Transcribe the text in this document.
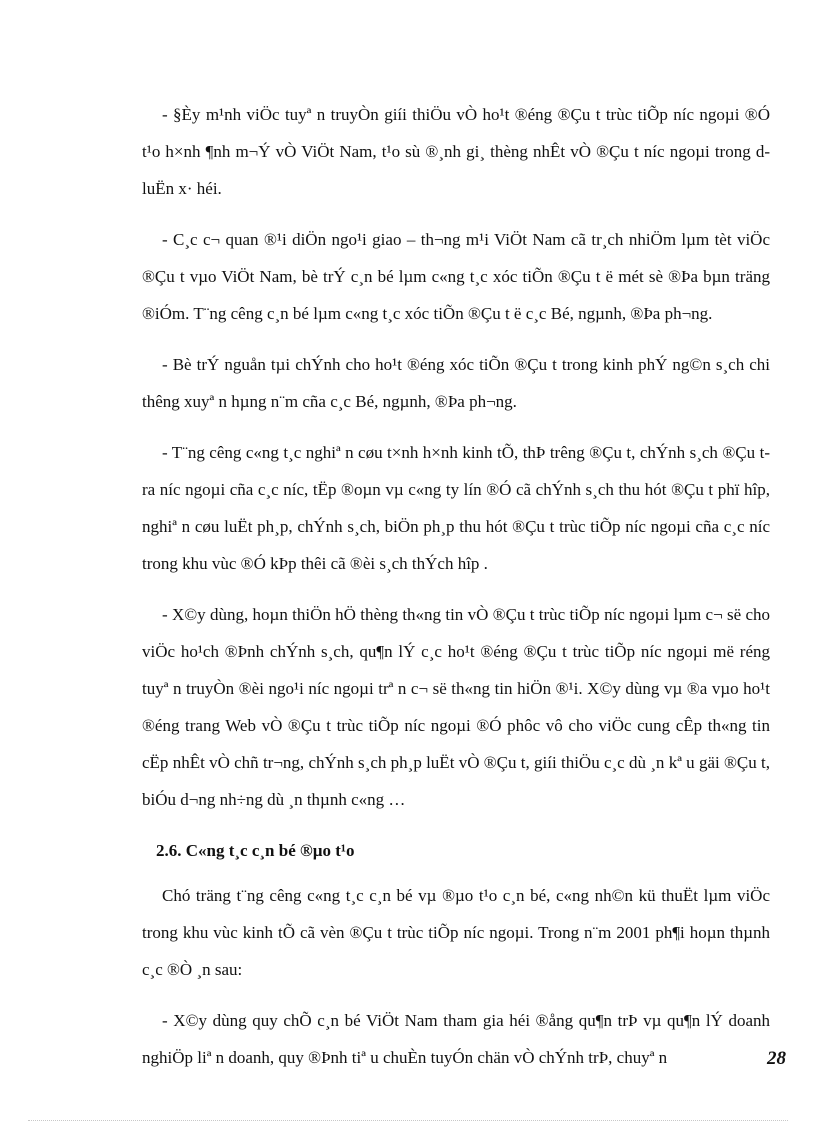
- §Èy m¹nh viÖc tuyª n truyÒn giíi thiÖu vÒ ho¹t ®éng ®Çu t trùc tiÕp níc ngoµi ®Ó t¹o h×nh ¶nh m¬Ý vÒ ViÖt Nam, t¹o sù ®¸nh gi¸ thèng nhÊt vÒ ®Çu t níc ngoµi trong d luËn x· héi.

- C¸c c¬ quan ®¹i diÖn ngo¹i giao – th¬ng m¹i ViÖt Nam cã tr¸ch nhiÖm lµm tèt viÖc ®Çu t vµo ViÖt Nam, bè trÝ c¸n bé lµm c«ng t¸c xóc tiÕn ®Çu t ë mét sè ®Þa bµn träng ®iÓm. T¨ng cêng c¸n bé lµm c«ng t¸c xóc tiÕn ®Çu t ë c¸c Bé, ngµnh, ®Þa ph¬ng.

- Bè trÝ nguån tµi chÝnh cho ho¹t ®éng xóc tiÕn ®Çu t trong kinh phÝ ng©n s¸ch chi thêng xuyª n hµng n¨m cña c¸c Bé, ngµnh, ®Þa ph¬ng.

- T¨ng cêng c«ng t¸c nghiª n cøu t×nh h×nh kinh tÕ, thÞ trêng ®Çu t, chÝnh s¸ch ®Çu t ra níc ngoµi cña c¸c níc, tËp ®oµn vµ c«ng ty lín ®Ó cã chÝnh s¸ch thu hót ®Çu t phï hîp, nghiª n cøu luËt ph¸p, chÝnh s¸ch, biÖn ph¸p thu hót ®Çu t trùc tiÕp níc ngoµi cña c¸c níc trong khu vùc ®Ó kÞp thêi cã ®èi s¸ch thÝch hîp .

- X©y dùng, hoµn thiÖn hÖ thèng th«ng tin vÒ ®Çu t trùc tiÕp níc ngoµi lµm c¬ së cho viÖc ho¹ch ®Þnh chÝnh s¸ch, qu¶n lÝ c¸c ho¹t ®éng ®Çu t trùc tiÕp níc ngoµi më réng tuyª n truyÒn ®èi ngo¹i níc ngoµi trª n c¬ së th«ng tin hiÖn ®¹i. X©y dùng vµ ®a vµo ho¹t ®éng trang Web vÒ ®Çu t trùc tiÕp níc ngoµi ®Ó phôc vô cho viÖc cung cÊp th«ng tin cËp nhÊt vÒ chñ tr¬ng, chÝnh s¸ch ph¸p luËt vÒ ®Çu t, giíi thiÖu c¸c dù ¸n kª u gäi ®Çu t, biÓu d¬ng nh÷ng dù ¸n thµnh c«ng …

2.6. C«ng t¸c c¸n bé ®µo t¹o

Chó träng t¨ng cêng c«ng t¸c c¸n bé vµ ®µo t¹o c¸n bé, c«ng nh©n kü thuËt lµm viÖc trong khu vùc kinh tÕ cã vèn ®Çu t trùc tiÕp níc ngoµi. Trong n¨m 2001 ph¶i hoµn thµnh c¸c ®Ò ¸n sau:

- X©y dùng quy chÕ c¸n bé ViÖt Nam tham gia héi ®ång qu¶n trÞ vµ qu¶n lÝ doanh nghiÖp liª n doanh, quy ®Þnh tiª u chuÈn tuyÓn chän vÒ chÝnh trÞ, chuyª n	28
